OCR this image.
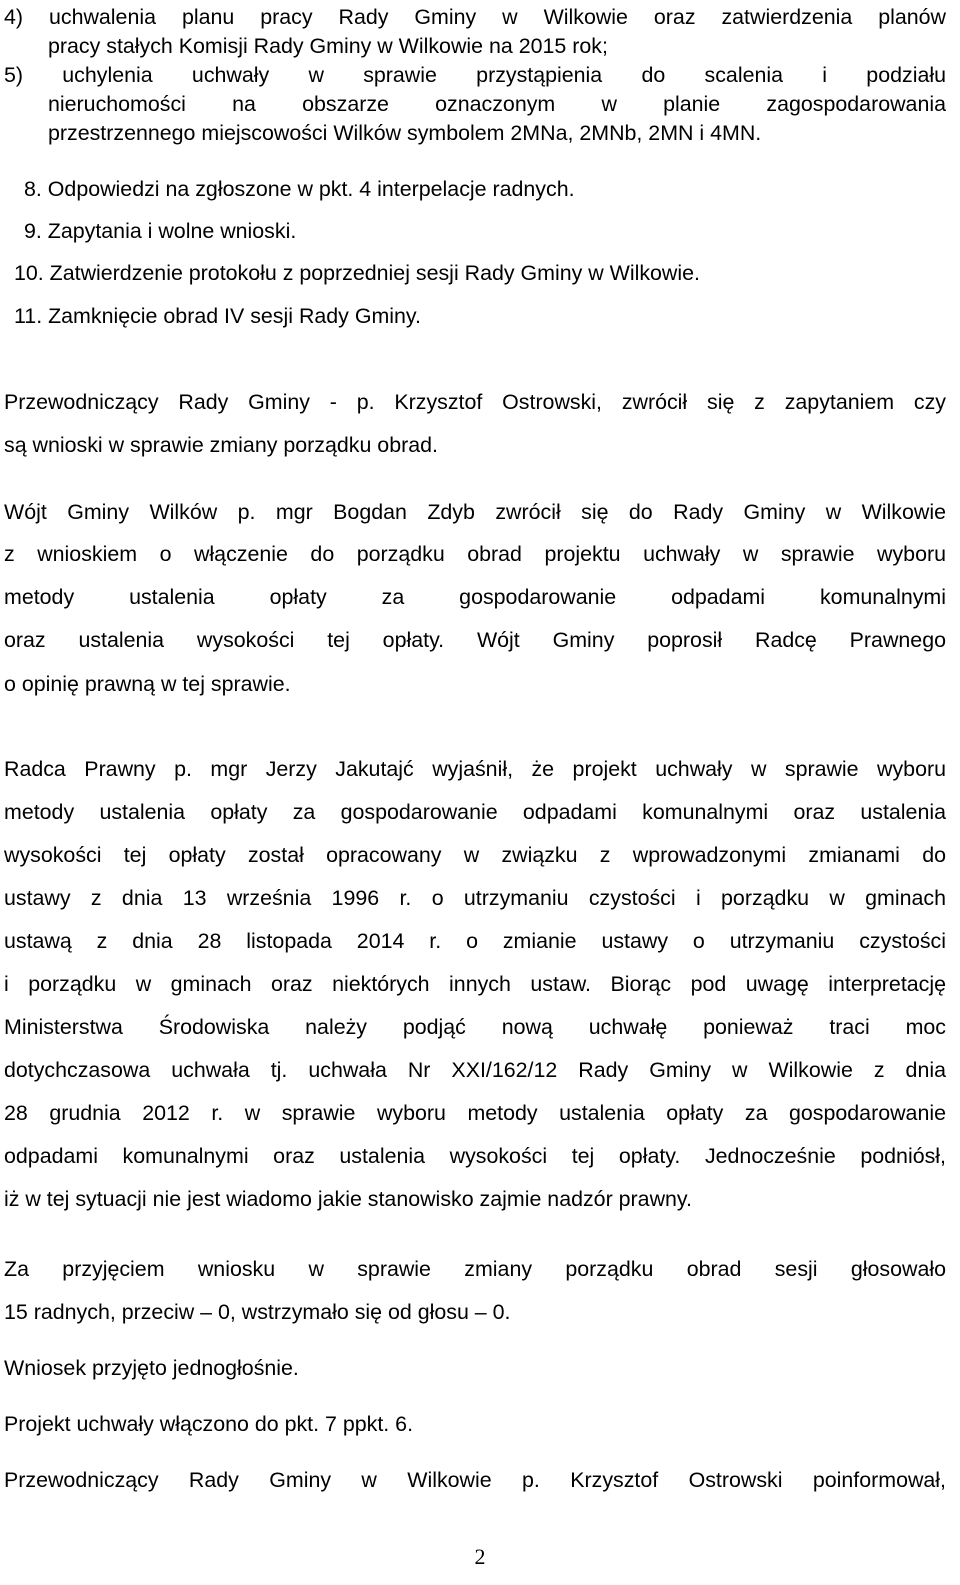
4) uchwalenia planu pracy Rady Gminy w Wilkowie oraz zatwierdzenia planów

pracy stałych Komisji Rady Gminy w Wilkowie na 2015 rok;

5) uchylenia uchwały w sprawie przystąpienia do scalenia i podziału

nieruchomości na obszarze oznaczonym w planie zagospodarowania

przestrzennego miejscowości Wilków symbolem 2MNa, 2MNb, 2MN i 4MN.

8. Odpowiedzi na zgłoszone w pkt. 4 interpelacje radnych.

9. Zapytania i wolne wnioski.

10. Zatwierdzenie protokołu z poprzedniej sesji Rady Gminy w Wilkowie.

11. Zamknięcie obrad IV sesji Rady Gminy.

Przewodniczący Rady Gminy - p. Krzysztof Ostrowski, zwrócił się z zapytaniem czy

są wnioski w sprawie zmiany porządku obrad.

Wójt Gminy Wilków p. mgr Bogdan Zdyb zwrócił się do Rady Gminy w Wilkowie

z wnioskiem o włączenie do porządku obrad projektu uchwały w sprawie wyboru

metody ustalenia opłaty za gospodarowanie odpadami komunalnymi

oraz ustalenia wysokości tej opłaty. Wójt Gminy poprosił Radcę Prawnego

o opinię prawną w tej sprawie.

Radca Prawny p. mgr Jerzy Jakutajć wyjaśnił, że projekt uchwały w sprawie wyboru

metody ustalenia opłaty za gospodarowanie odpadami komunalnymi oraz ustalenia

wysokości tej opłaty został opracowany w związku z wprowadzonymi zmianami do

ustawy z dnia 13 września 1996 r. o utrzymaniu czystości i porządku w gminach

ustawą z dnia 28 listopada 2014 r. o zmianie ustawy o utrzymaniu czystości

i porządku w gminach oraz niektórych innych ustaw. Biorąc pod uwagę interpretację

Ministerstwa Środowiska należy podjąć nową uchwałę ponieważ traci moc

dotychczasowa uchwała tj. uchwała Nr XXI/162/12 Rady Gminy w Wilkowie z dnia

28 grudnia 2012 r. w sprawie wyboru metody ustalenia opłaty za gospodarowanie

odpadami komunalnymi oraz ustalenia wysokości tej opłaty. Jednocześnie podniósł,

iż w tej sytuacji nie jest wiadomo jakie stanowisko zajmie nadzór prawny.

Za przyjęciem wniosku w sprawie zmiany porządku obrad sesji głosowało

15 radnych, przeciw – 0, wstrzymało się od głosu – 0.

Wniosek przyjęto jednogłośnie.

Projekt uchwały włączono do pkt. 7 ppkt. 6.

Przewodniczący Rady Gminy w Wilkowie p. Krzysztof Ostrowski poinformował,

2
